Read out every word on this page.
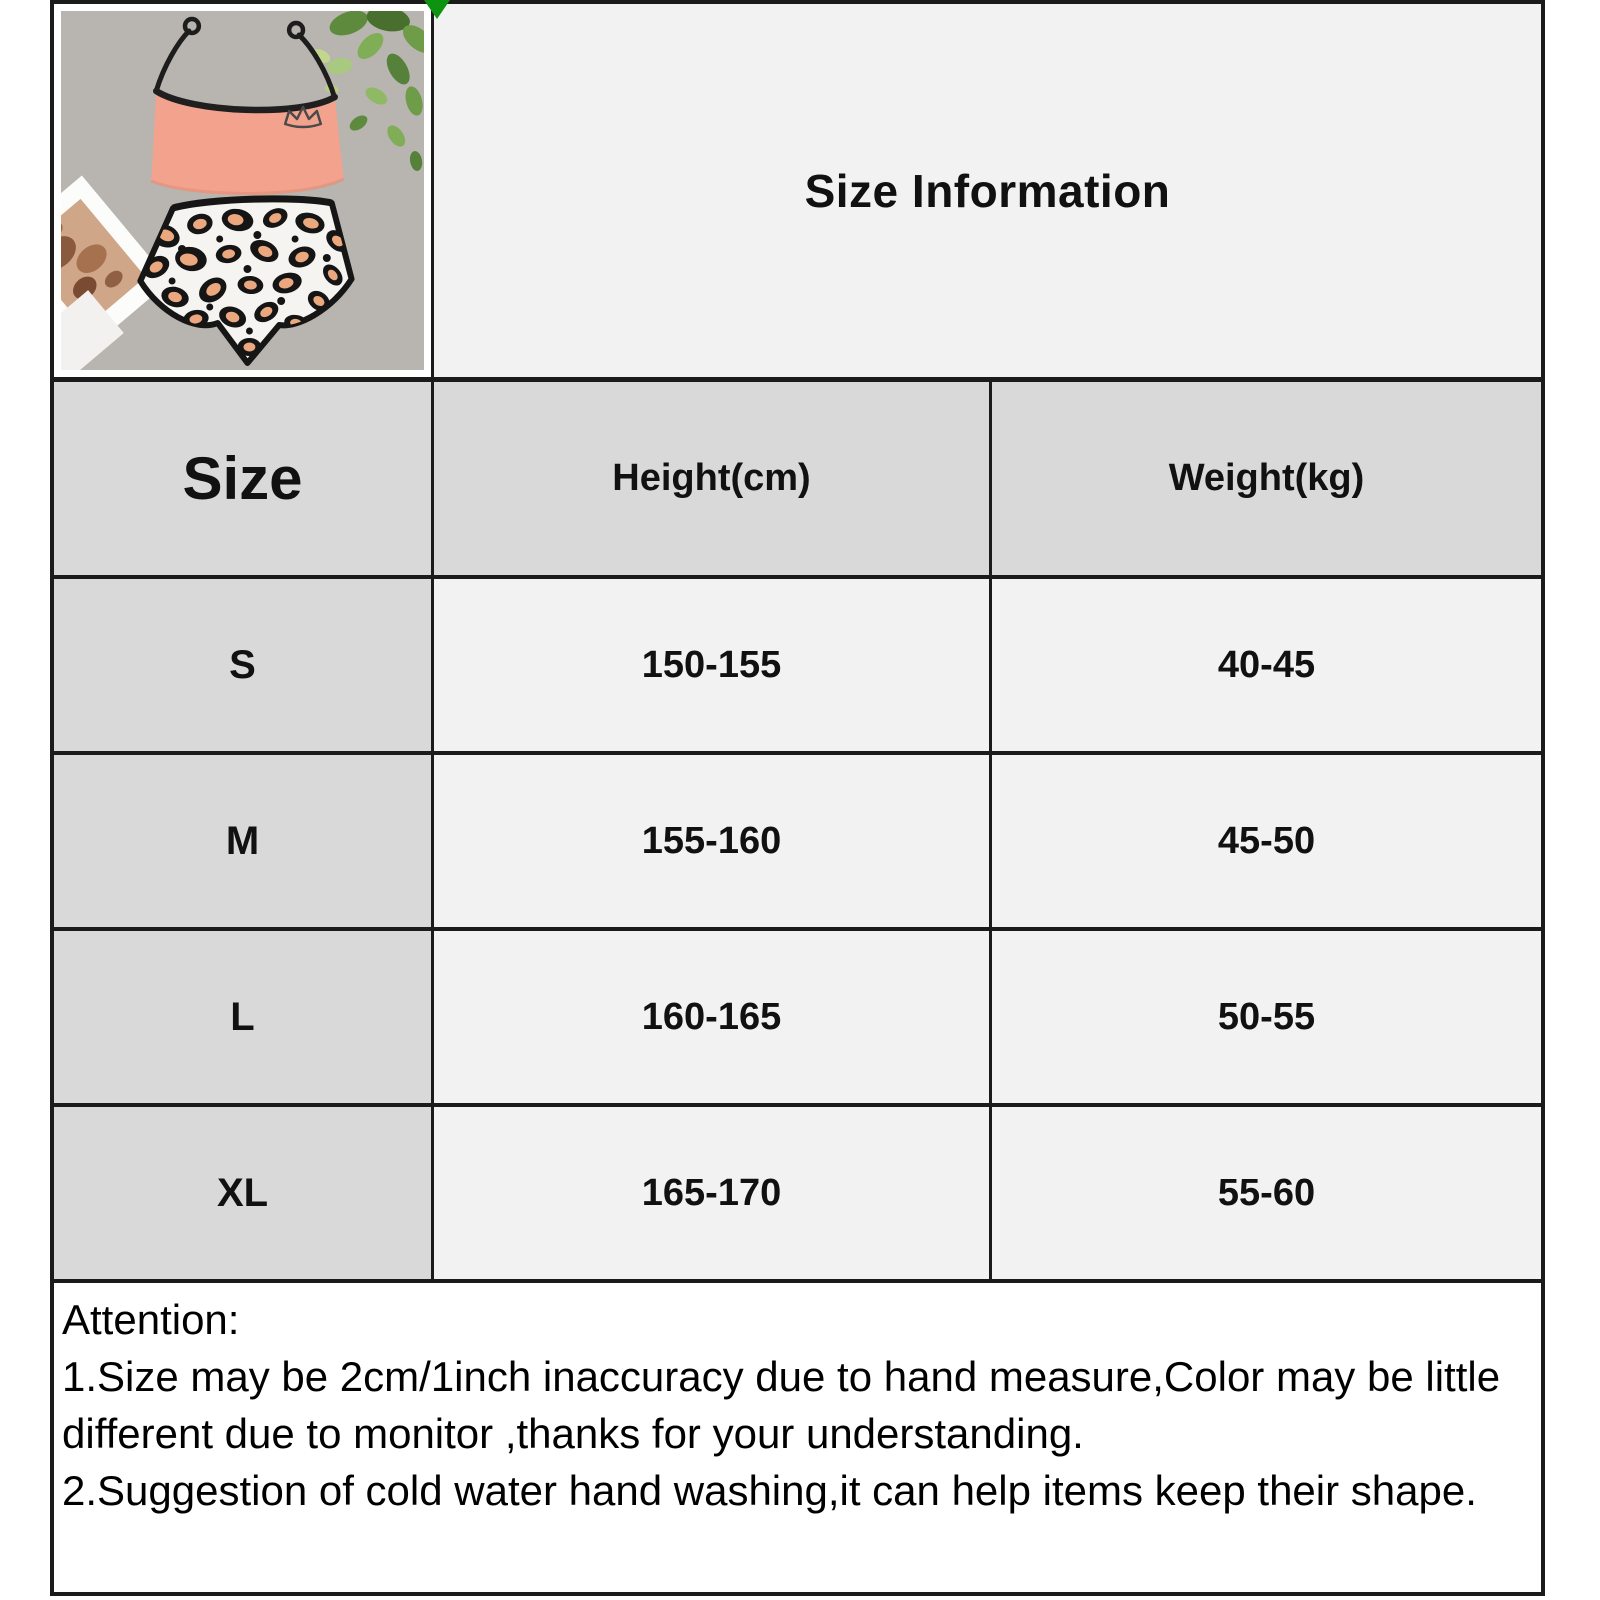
Size Information
Size	Height(cm)	Weight(kg)
S	150-155	40-45
M	155-160	45-50
L	160-165	50-55
XL	165-170	55-60
Attention:
1.Size may be 2cm/1inch inaccuracy due to hand measure,Color may be little
different due to monitor ,thanks for your understanding.
2.Suggestion of cold water hand washing,it can help items keep their shape.
